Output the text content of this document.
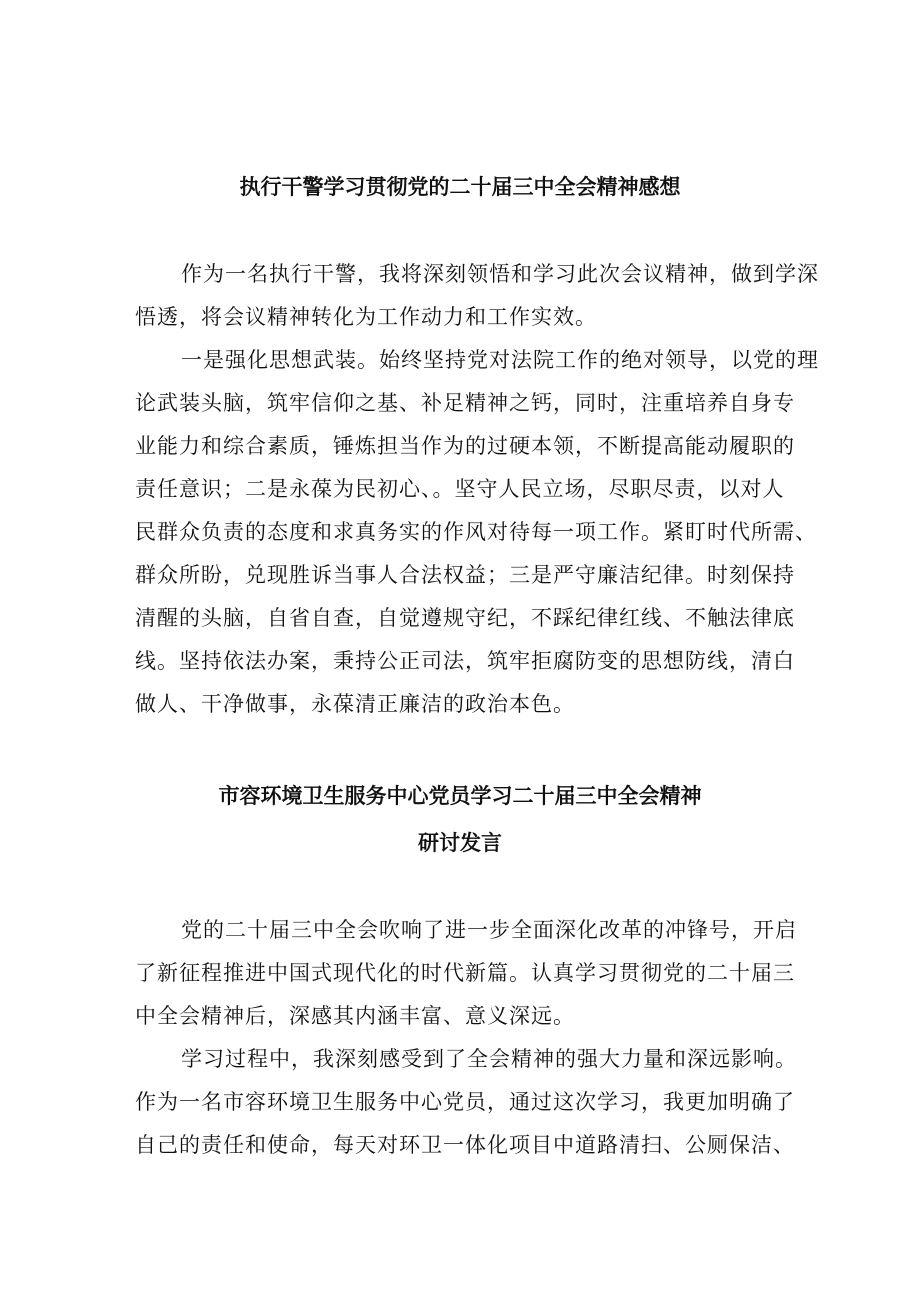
执行干警学习贯彻党的二十届三中全会精神感想
作为一名执行干警，我将深刻领悟和学习此次会议精神，做到学深
悟透，将会议精神转化为工作动力和工作实效。
一是强化思想武装。始终坚持党对法院工作的绝对领导，以党的理
论武装头脑，筑牢信仰之基、补足精神之钙，同时，注重培养自身专
业能力和综合素质，锤炼担当作为的过硬本领，不断提高能动履职的
责任意识；二是永葆为民初心、。坚守人民立场，尽职尽责，以对人
民群众负责的态度和求真务实的作风对待每一项工作。紧盯时代所需、
群众所盼，兑现胜诉当事人合法权益；三是严守廉洁纪律。时刻保持
清醒的头脑，自省自查，自觉遵规守纪，不踩纪律红线、不触法律底
线。坚持依法办案，秉持公正司法，筑牢拒腐防变的思想防线，清白
做人、干净做事，永葆清正廉洁的政治本色。
市容环境卫生服务中心党员学习二十届三中全会精神
研讨发言
党的二十届三中全会吹响了进一步全面深化改革的冲锋号，开启
了新征程推进中国式现代化的时代新篇。认真学习贯彻党的二十届三
中全会精神后，深感其内涵丰富、意义深远。
学习过程中，我深刻感受到了全会精神的强大力量和深远影响。
作为一名市容环境卫生服务中心党员，通过这次学习，我更加明确了
自己的责任和使命，每天对环卫一体化项目中道路清扫、公厕保洁、
